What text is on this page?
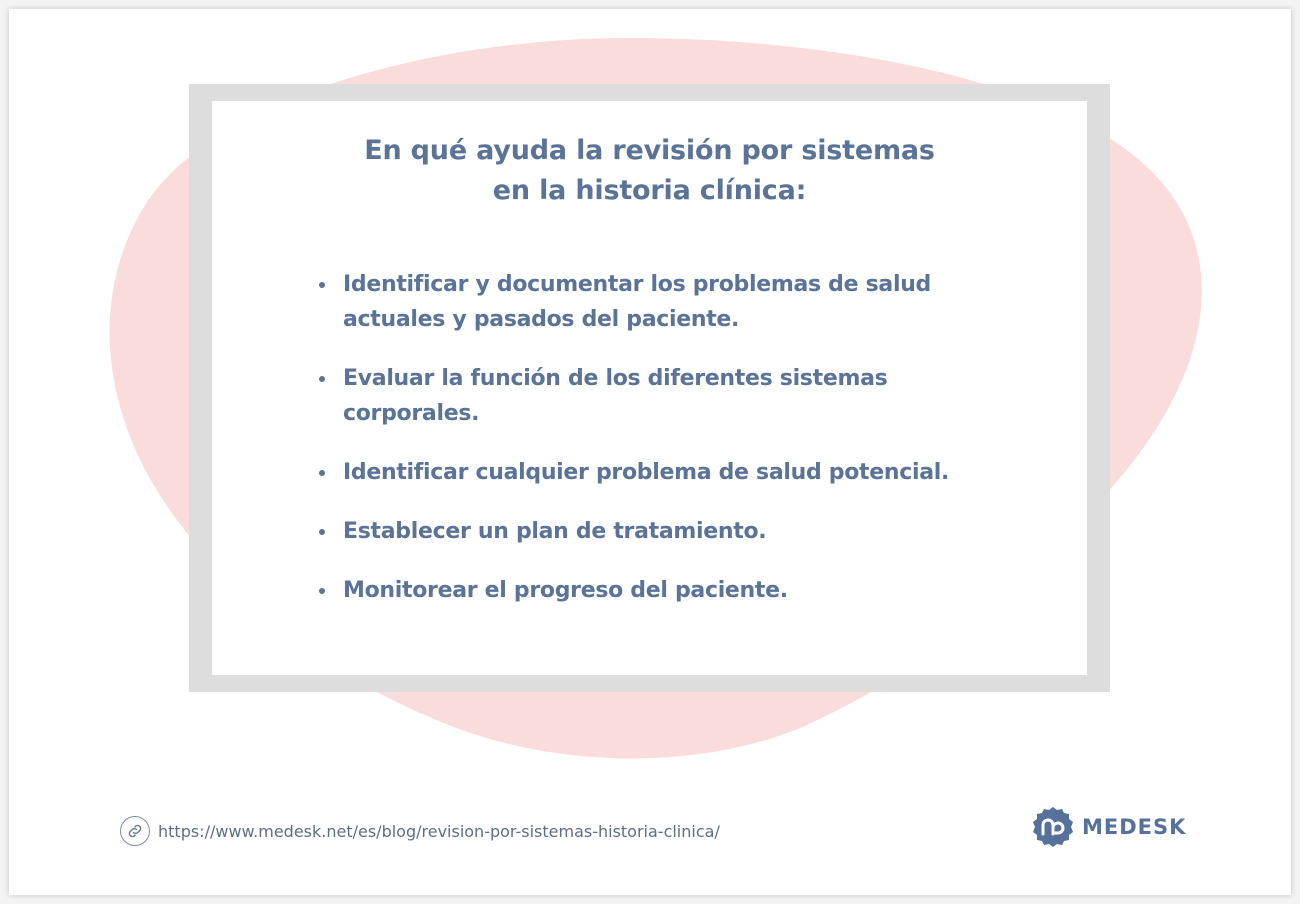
En qué ayuda la revisión por sistemas
en la historia clínica:
Identificar y documentar los problemas de salud
actuales y pasados del paciente.
Evaluar la función de los diferentes sistemas
corporales.
Identificar cualquier problema de salud potencial.
Establecer un plan de tratamiento.
Monitorear el progreso del paciente.
https://www.medesk.net/es/blog/revision-por-sistemas-historia-clinica/	MEDESK
